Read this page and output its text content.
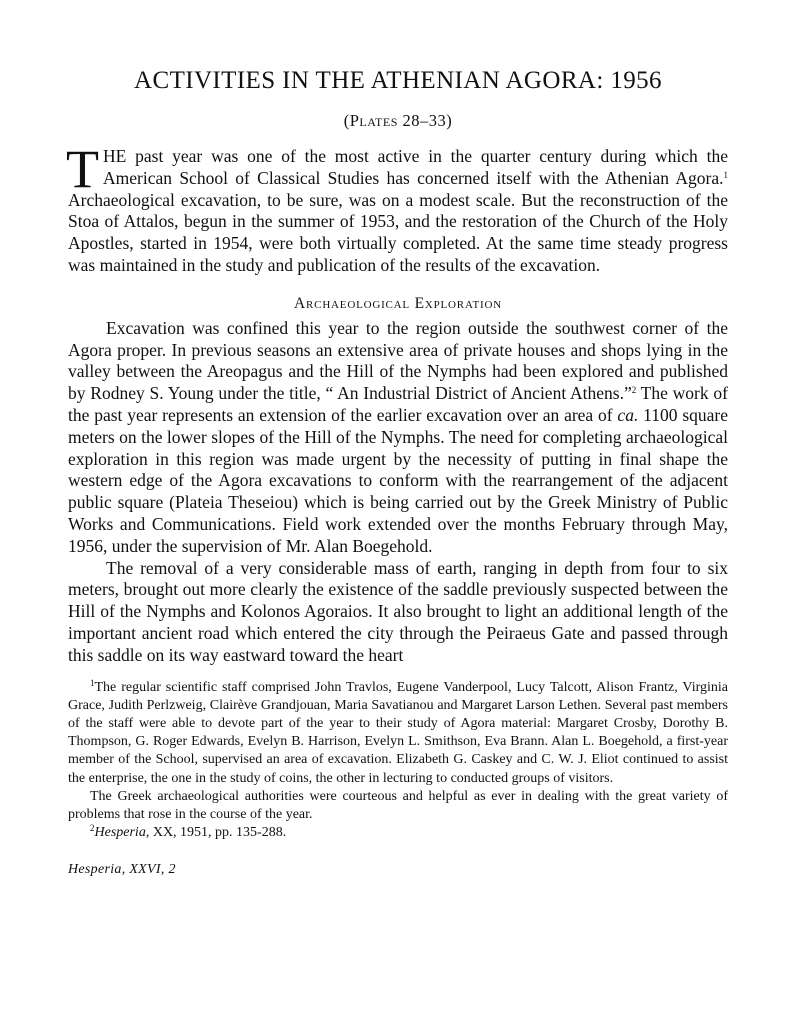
ACTIVITIES IN THE ATHENIAN AGORA: 1956
(Plates 28–33)

THE past year was one of the most active in the quarter century during which the American School of Classical Studies has concerned itself with the Athenian Agora.$^1$ Archaeological excavation, to be sure, was on a modest scale. But the reconstruction of the Stoa of Attalos, begun in the summer of 1953, and the restoration of the Church of the Holy Apostles, started in 1954, were both virtually completed. At the same time steady progress was maintained in the study and publication of the results of the excavation.

Archaeological Exploration

Excavation was confined this year to the region outside the southwest corner of the Agora proper. In previous seasons an extensive area of private houses and shops lying in the valley between the Areopagus and the Hill of the Nymphs had been explored and published by Rodney S. Young under the title, “ An Industrial District of Ancient Athens.”$^2$ The work of the past year represents an extension of the earlier excavation over an area of ca. 1100 square meters on the lower slopes of the Hill of the Nymphs. The need for completing archaeological exploration in this region was made urgent by the necessity of putting in final shape the western edge of the Agora excavations to conform with the rearrangement of the adjacent public square (Plateia Theseiou) which is being carried out by the Greek Ministry of Public Works and Communications. Field work extended over the months February through May, 1956, under the supervision of Mr. Alan Boegehold.

The removal of a very considerable mass of earth, ranging in depth from four to six meters, brought out more clearly the existence of the saddle previously suspected between the Hill of the Nymphs and Kolonos Agoraios. It also brought to light an additional length of the important ancient road which entered the city through the Peiraeus Gate and passed through this saddle on its way eastward toward the heart

$^1$The regular scientific staff comprised John Travlos, Eugene Vanderpool, Lucy Talcott, Alison Frantz, Virginia Grace, Judith Perlzweig, Clairève Grandjouan, Maria Savatianou and Margaret Larson Lethen. Several past members of the staff were able to devote part of the year to their study of Agora material: Margaret Crosby, Dorothy B. Thompson, G. Roger Edwards, Evelyn B. Harrison, Evelyn L. Smithson, Eva Brann. Alan L. Boegehold, a first-year member of the School, supervised an area of excavation. Elizabeth G. Caskey and C. W. J. Eliot continued to assist the enterprise, the one in the study of coins, the other in lecturing to conducted groups of visitors.

The Greek archaeological authorities were courteous and helpful as ever in dealing with the great variety of problems that rose in the course of the year.

$^2$Hesperia, XX, 1951, pp. 135-288.

Hesperia, XXVI, 2
